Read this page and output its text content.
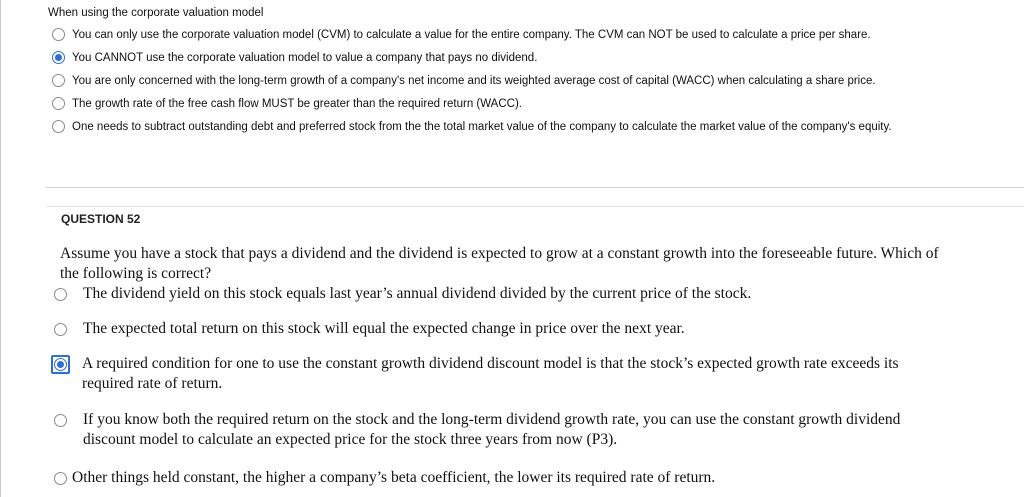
When using the corporate valuation model
You can only use the corporate valuation model (CVM) to calculate a value for the entire company. The CVM can NOT be used to calculate a price per share.
You CANNOT use the corporate valuation model to value a company that pays no dividend.
You are only concerned with the long-term growth of a company's net income and its weighted average cost of capital (WACC) when calculating a share price.
The growth rate of the free cash flow MUST be greater than the required return (WACC).
One needs to subtract outstanding debt and preferred stock from the the total market value of the company to calculate the market value of the company's equity.
QUESTION 52
Assume you have a stock that pays a dividend and the dividend is expected to grow at a constant growth into the foreseeable future. Which of the following is correct?
The dividend yield on this stock equals last year’s annual dividend divided by the current price of the stock.
The expected total return on this stock will equal the expected change in price over the next year.
A required condition for one to use the constant growth dividend discount model is that the stock’s expected growth rate exceeds its required rate of return.
If you know both the required return on the stock and the long-term dividend growth rate, you can use the constant growth dividend discount model to calculate an expected price for the stock three years from now (P3).
Other things held constant, the higher a company’s beta coefficient, the lower its required rate of return.
